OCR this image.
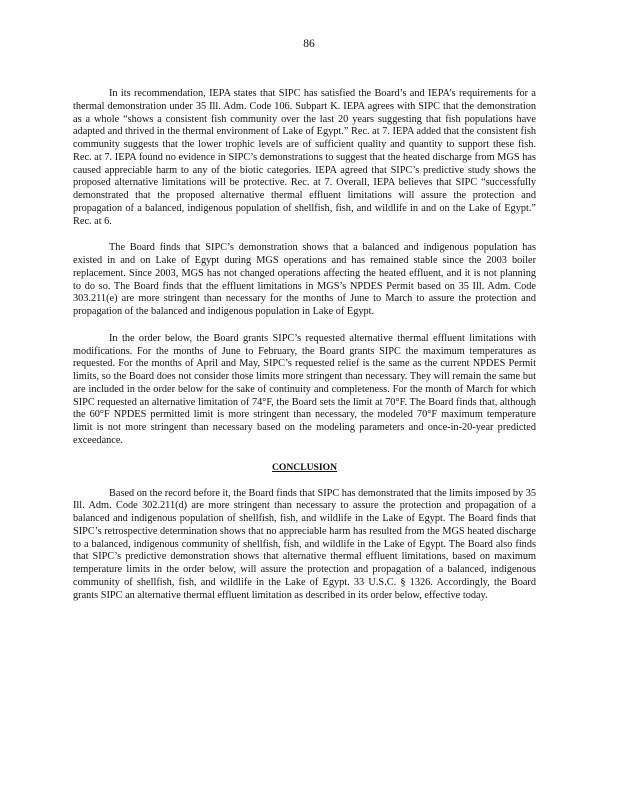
86

In its recommendation, IEPA states that SIPC has satisfied the Board’s and IEPA’s requirements for a thermal demonstration under 35 Ill. Adm. Code 106. Subpart K. IEPA agrees with SIPC that the demonstration as a whole “shows a consistent fish community over the last 20 years suggesting that fish populations have adapted and thrived in the thermal environment of Lake of Egypt.” Rec. at 7. IEPA added that the consistent fish community suggests that the lower trophic levels are of sufficient quality and quantity to support these fish. Rec. at 7. IEPA found no evidence in SIPC’s demonstrations to suggest that the heated discharge from MGS has caused appreciable harm to any of the biotic categories. IEPA agreed that SIPC’s predictive study shows the proposed alternative limitations will be protective. Rec. at 7. Overall, IEPA believes that SIPC “successfully demonstrated that the proposed alternative thermal effluent limitations will assure the protection and propagation of a balanced, indigenous population of shellfish, fish, and wildlife in and on the Lake of Egypt.” Rec. at 6.

The Board finds that SIPC’s demonstration shows that a balanced and indigenous population has existed in and on Lake of Egypt during MGS operations and has remained stable since the 2003 boiler replacement. Since 2003, MGS has not changed operations affecting the heated effluent, and it is not planning to do so. The Board finds that the effluent limitations in MGS’s NPDES Permit based on 35 Ill. Adm. Code 303.211(e) are more stringent than necessary for the months of June to March to assure the protection and propagation of the balanced and indigenous population in Lake of Egypt.

In the order below, the Board grants SIPC’s requested alternative thermal effluent limitations with modifications. For the months of June to February, the Board grants SIPC the maximum temperatures as requested. For the months of April and May, SIPC’s requested relief is the same as the current NPDES Permit limits, so the Board does not consider those limits more stringent than necessary. They will remain the same but are included in the order below for the sake of continuity and completeness. For the month of March for which SIPC requested an alternative limitation of 74°F, the Board sets the limit at 70°F. The Board finds that, although the 60°F NPDES permitted limit is more stringent than necessary, the modeled 70°F maximum temperature limit is not more stringent than necessary based on the modeling parameters and once-in-20-year predicted exceedance.

CONCLUSION

Based on the record before it, the Board finds that SIPC has demonstrated that the limits imposed by 35 Ill. Adm. Code 302.211(d) are more stringent than necessary to assure the protection and propagation of a balanced and indigenous population of shellfish, fish, and wildlife in the Lake of Egypt. The Board finds that SIPC’s retrospective determination shows that no appreciable harm has resulted from the MGS heated discharge to a balanced, indigenous community of shellfish, fish, and wildlife in the Lake of Egypt. The Board also finds that SIPC’s predictive demonstration shows that alternative thermal effluent limitations, based on maximum temperature limits in the order below, will assure the protection and propagation of a balanced, indigenous community of shellfish, fish, and wildlife in the Lake of Egypt. 33 U.S.C. § 1326. Accordingly, the Board grants SIPC an alternative thermal effluent limitation as described in its order below, effective today.
